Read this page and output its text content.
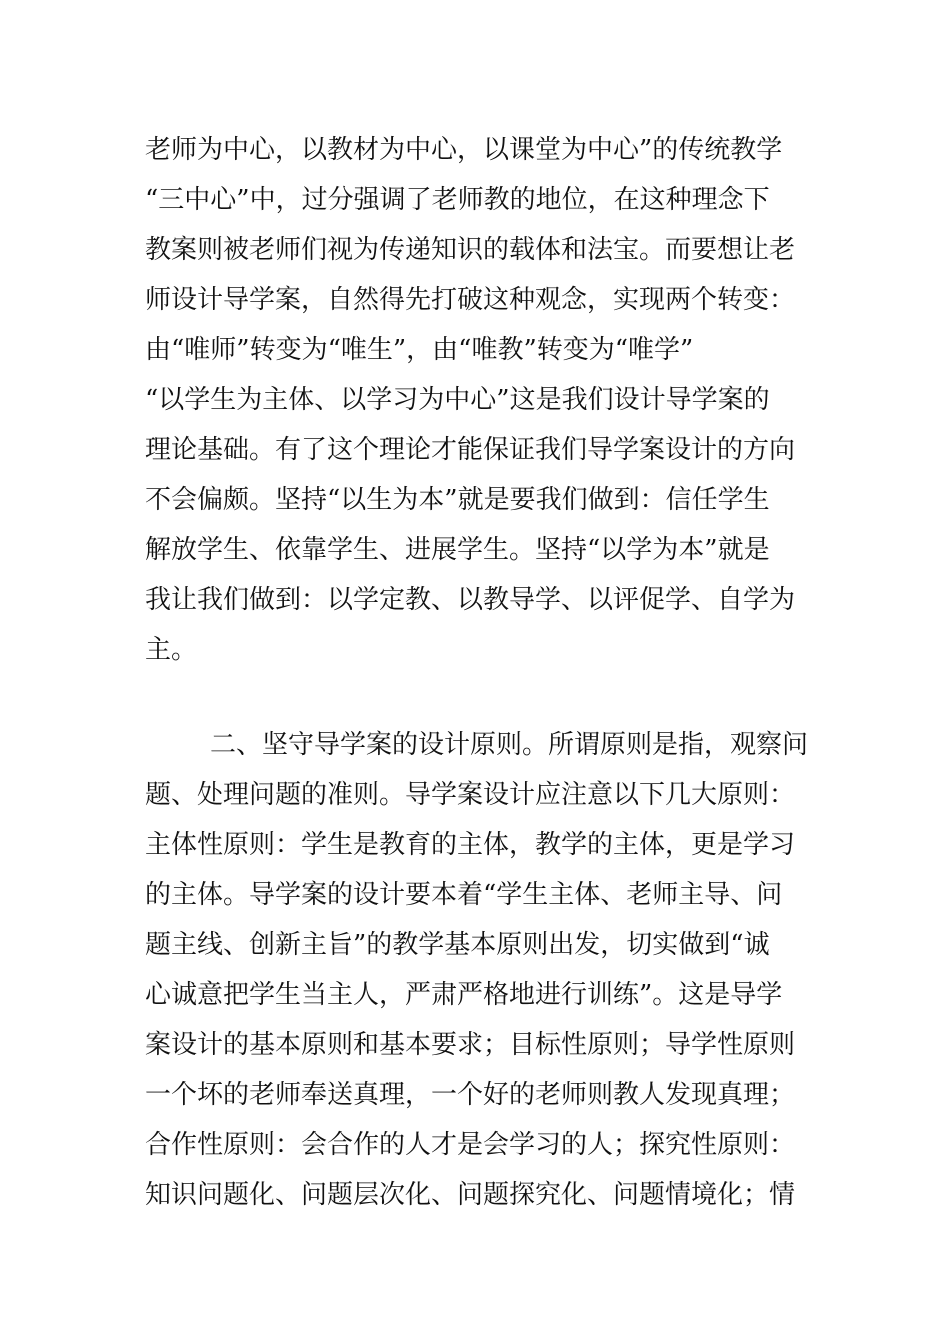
老师为中心，以教材为中心，以课堂为中心”的传统教学
“三中心”中，过分强调了老师教的地位，在这种理念下
教案则被老师们视为传递知识的载体和法宝。而要想让老
师设计导学案，自然得先打破这种观念，实现两个转变：
由“唯师”转变为“唯生”，由“唯教”转变为“唯学”
“以学生为主体、以学习为中心”这是我们设计导学案的
理论基础。有了这个理论才能保证我们导学案设计的方向
不会偏颇。坚持“以生为本”就是要我们做到：信任学生
解放学生、依靠学生、进展学生。坚持“以学为本”就是
我让我们做到：以学定教、以教导学、以评促学、自学为
主。
二、坚守导学案的设计原则。所谓原则是指，观察问
题、处理问题的准则。导学案设计应注意以下几大原则：
主体性原则：学生是教育的主体，教学的主体，更是学习
的主体。导学案的设计要本着“学生主体、老师主导、问
题主线、创新主旨”的教学基本原则出发，切实做到“诚
心诚意把学生当主人，严肃严格地进行训练”。这是导学
案设计的基本原则和基本要求；目标性原则；导学性原则
一个坏的老师奉送真理，一个好的老师则教人发现真理；
合作性原则：会合作的人才是会学习的人；探究性原则：
知识问题化、问题层次化、问题探究化、问题情境化；情
